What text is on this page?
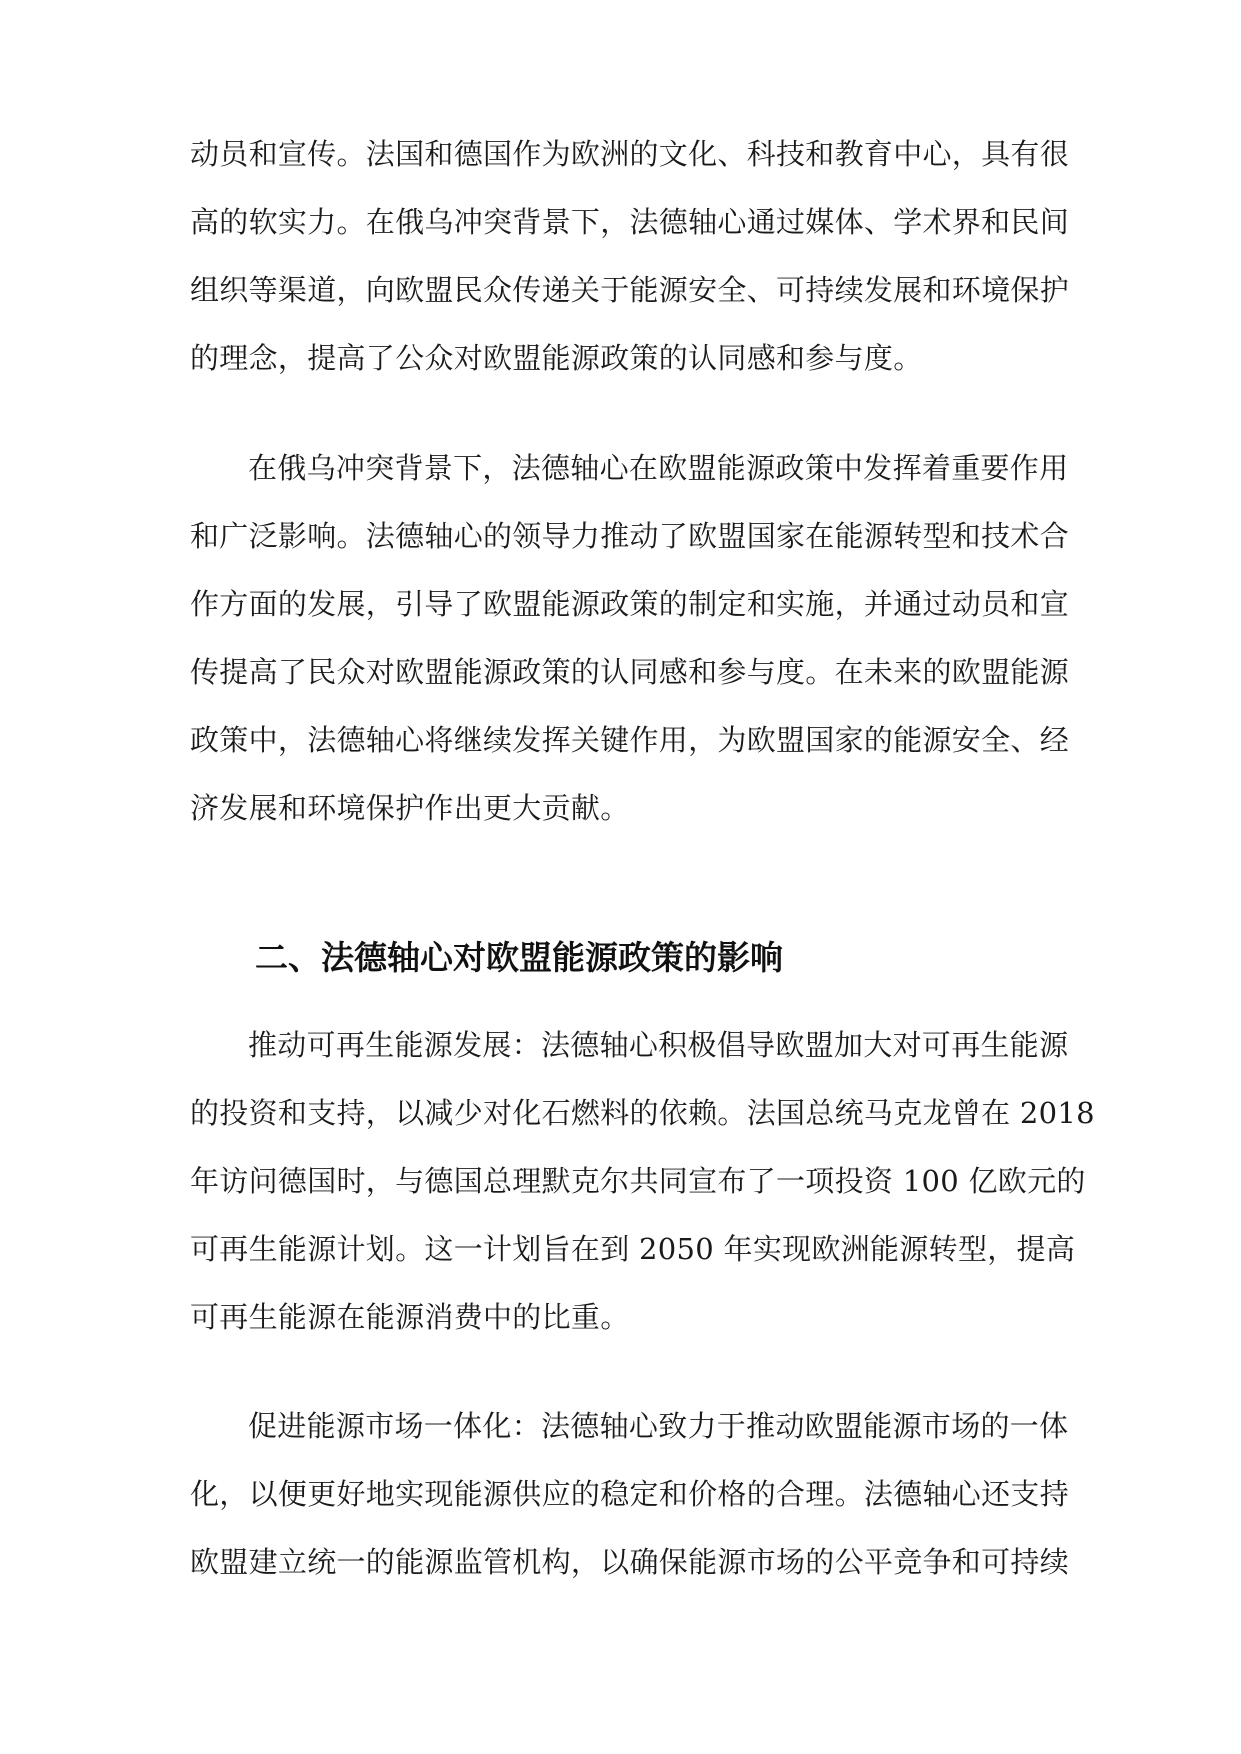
动员和宣传。法国和德国作为欧洲的文化、科技和教育中心，具有很
高的软实力。在俄乌冲突背景下，法德轴心通过媒体、学术界和民间
组织等渠道，向欧盟民众传递关于能源安全、可持续发展和环境保护
的理念，提高了公众对欧盟能源政策的认同感和参与度。
在俄乌冲突背景下，法德轴心在欧盟能源政策中发挥着重要作用
和广泛影响。法德轴心的领导力推动了欧盟国家在能源转型和技术合
作方面的发展，引导了欧盟能源政策的制定和实施，并通过动员和宣
传提高了民众对欧盟能源政策的认同感和参与度。在未来的欧盟能源
政策中，法德轴心将继续发挥关键作用，为欧盟国家的能源安全、经
济发展和环境保护作出更大贡献。
二、法德轴心对欧盟能源政策的影响
推动可再生能源发展：法德轴心积极倡导欧盟加大对可再生能源
的投资和支持，以减少对化石燃料的依赖。法国总统马克龙曾在 2018
年访问德国时，与德国总理默克尔共同宣布了一项投资 100 亿欧元的
可再生能源计划。这一计划旨在到 2050 年实现欧洲能源转型，提高
可再生能源在能源消费中的比重。
促进能源市场一体化：法德轴心致力于推动欧盟能源市场的一体
化，以便更好地实现能源供应的稳定和价格的合理。法德轴心还支持
欧盟建立统一的能源监管机构，以确保能源市场的公平竞争和可持续
